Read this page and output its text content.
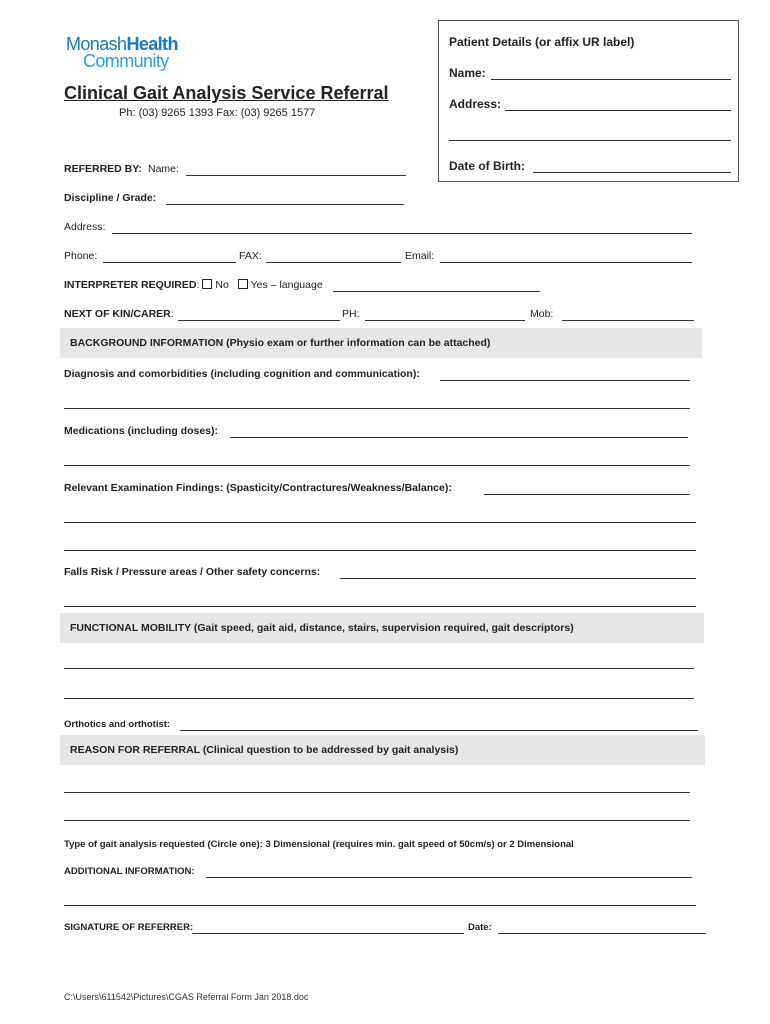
MonashHealth
Community
Patient Details (or affix UR label)
Name:
Address:
Date of Birth:
Clinical Gait Analysis Service Referral
Ph: (03) 9265 1393 Fax: (03) 9265 1577
REFERRED BY: Name:
Discipline / Grade:
Address:
Phone:	FAX:	Email:
INTERPRETER REQUIRED: No Yes – language
NEXT OF KIN/CARER:	PH:	Mob:
BACKGROUND INFORMATION (Physio exam or further information can be attached)
Diagnosis and comorbidities (including cognition and communication):
Medications (including doses):
Relevant Examination Findings: (Spasticity/Contractures/Weakness/Balance):
Falls Risk / Pressure areas / Other safety concerns:
FUNCTIONAL MOBILITY (Gait speed, gait aid, distance, stairs, supervision required, gait descriptors)
Orthotics and orthotist:
REASON FOR REFERRAL (Clinical question to be addressed by gait analysis)
Type of gait analysis requested (Circle one): 3 Dimensional (requires min. gait speed of 50cm/s) or 2 Dimensional
ADDITIONAL INFORMATION:
SIGNATURE OF REFERRER:	Date:
C:\Users\611542\Pictures\CGAS Referral Form Jan 2018.doc
